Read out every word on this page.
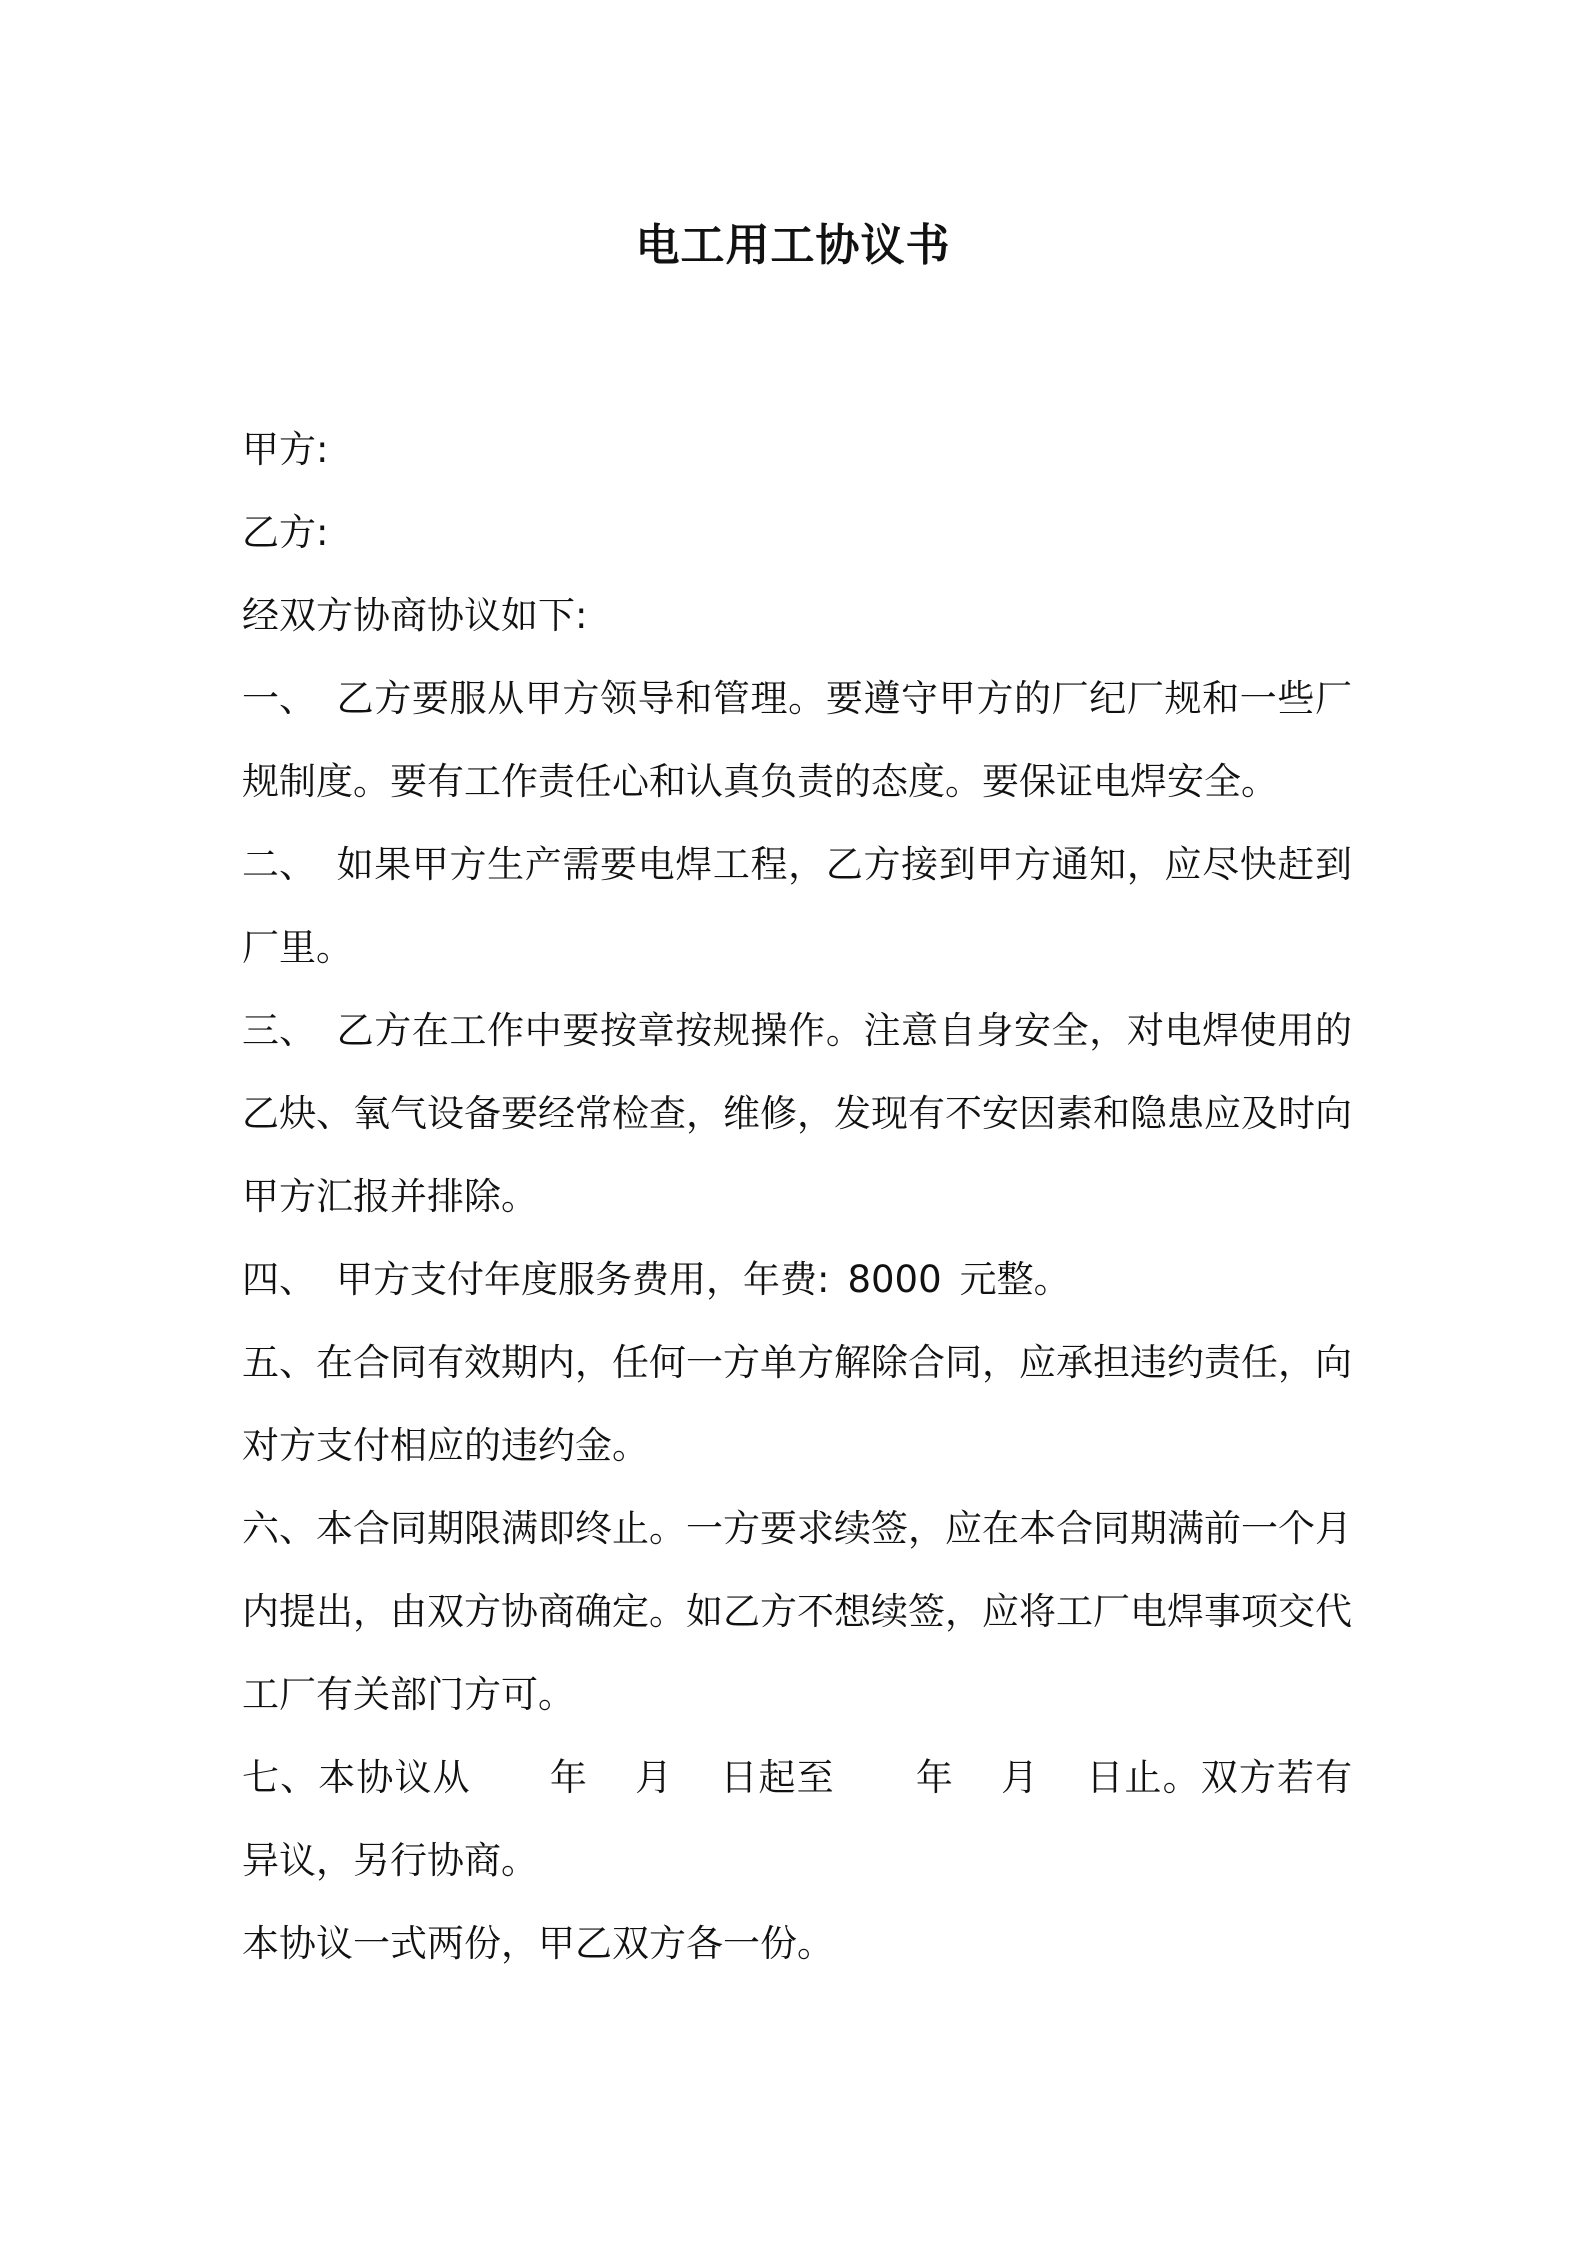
电工用工协议书

甲方:

乙方:

经双方协商协议如下:

一、 乙方要服从甲方领导和管理。要遵守甲方的厂纪厂规和一些厂规制度。要有工作责任心和认真负责的态度。要保证电焊安全。

二、 如果甲方生产需要电焊工程，乙方接到甲方通知，应尽快赶到厂里。

三、 乙方在工作中要按章按规操作。注意自身安全，对电焊使用的乙炔、氧气设备要经常检查，维修，发现有不安因素和隐患应及时向甲方汇报并排除。

四、 甲方支付年度服务费用，年费: 8000 元整。

五、在合同有效期内，任何一方单方解除合同，应承担违约责任，向对方支付相应的违约金。

六、本合同期限满即终止。一方要求续签，应在本合同期满前一个月内提出，由双方协商确定。如乙方不想续签，应将工厂电焊事项交代工厂有关部门方可。

七、本协议从 年 月 日起至 年 月 日止。双方若有异议，另行协商。

本协议一式两份，甲乙双方各一份。
